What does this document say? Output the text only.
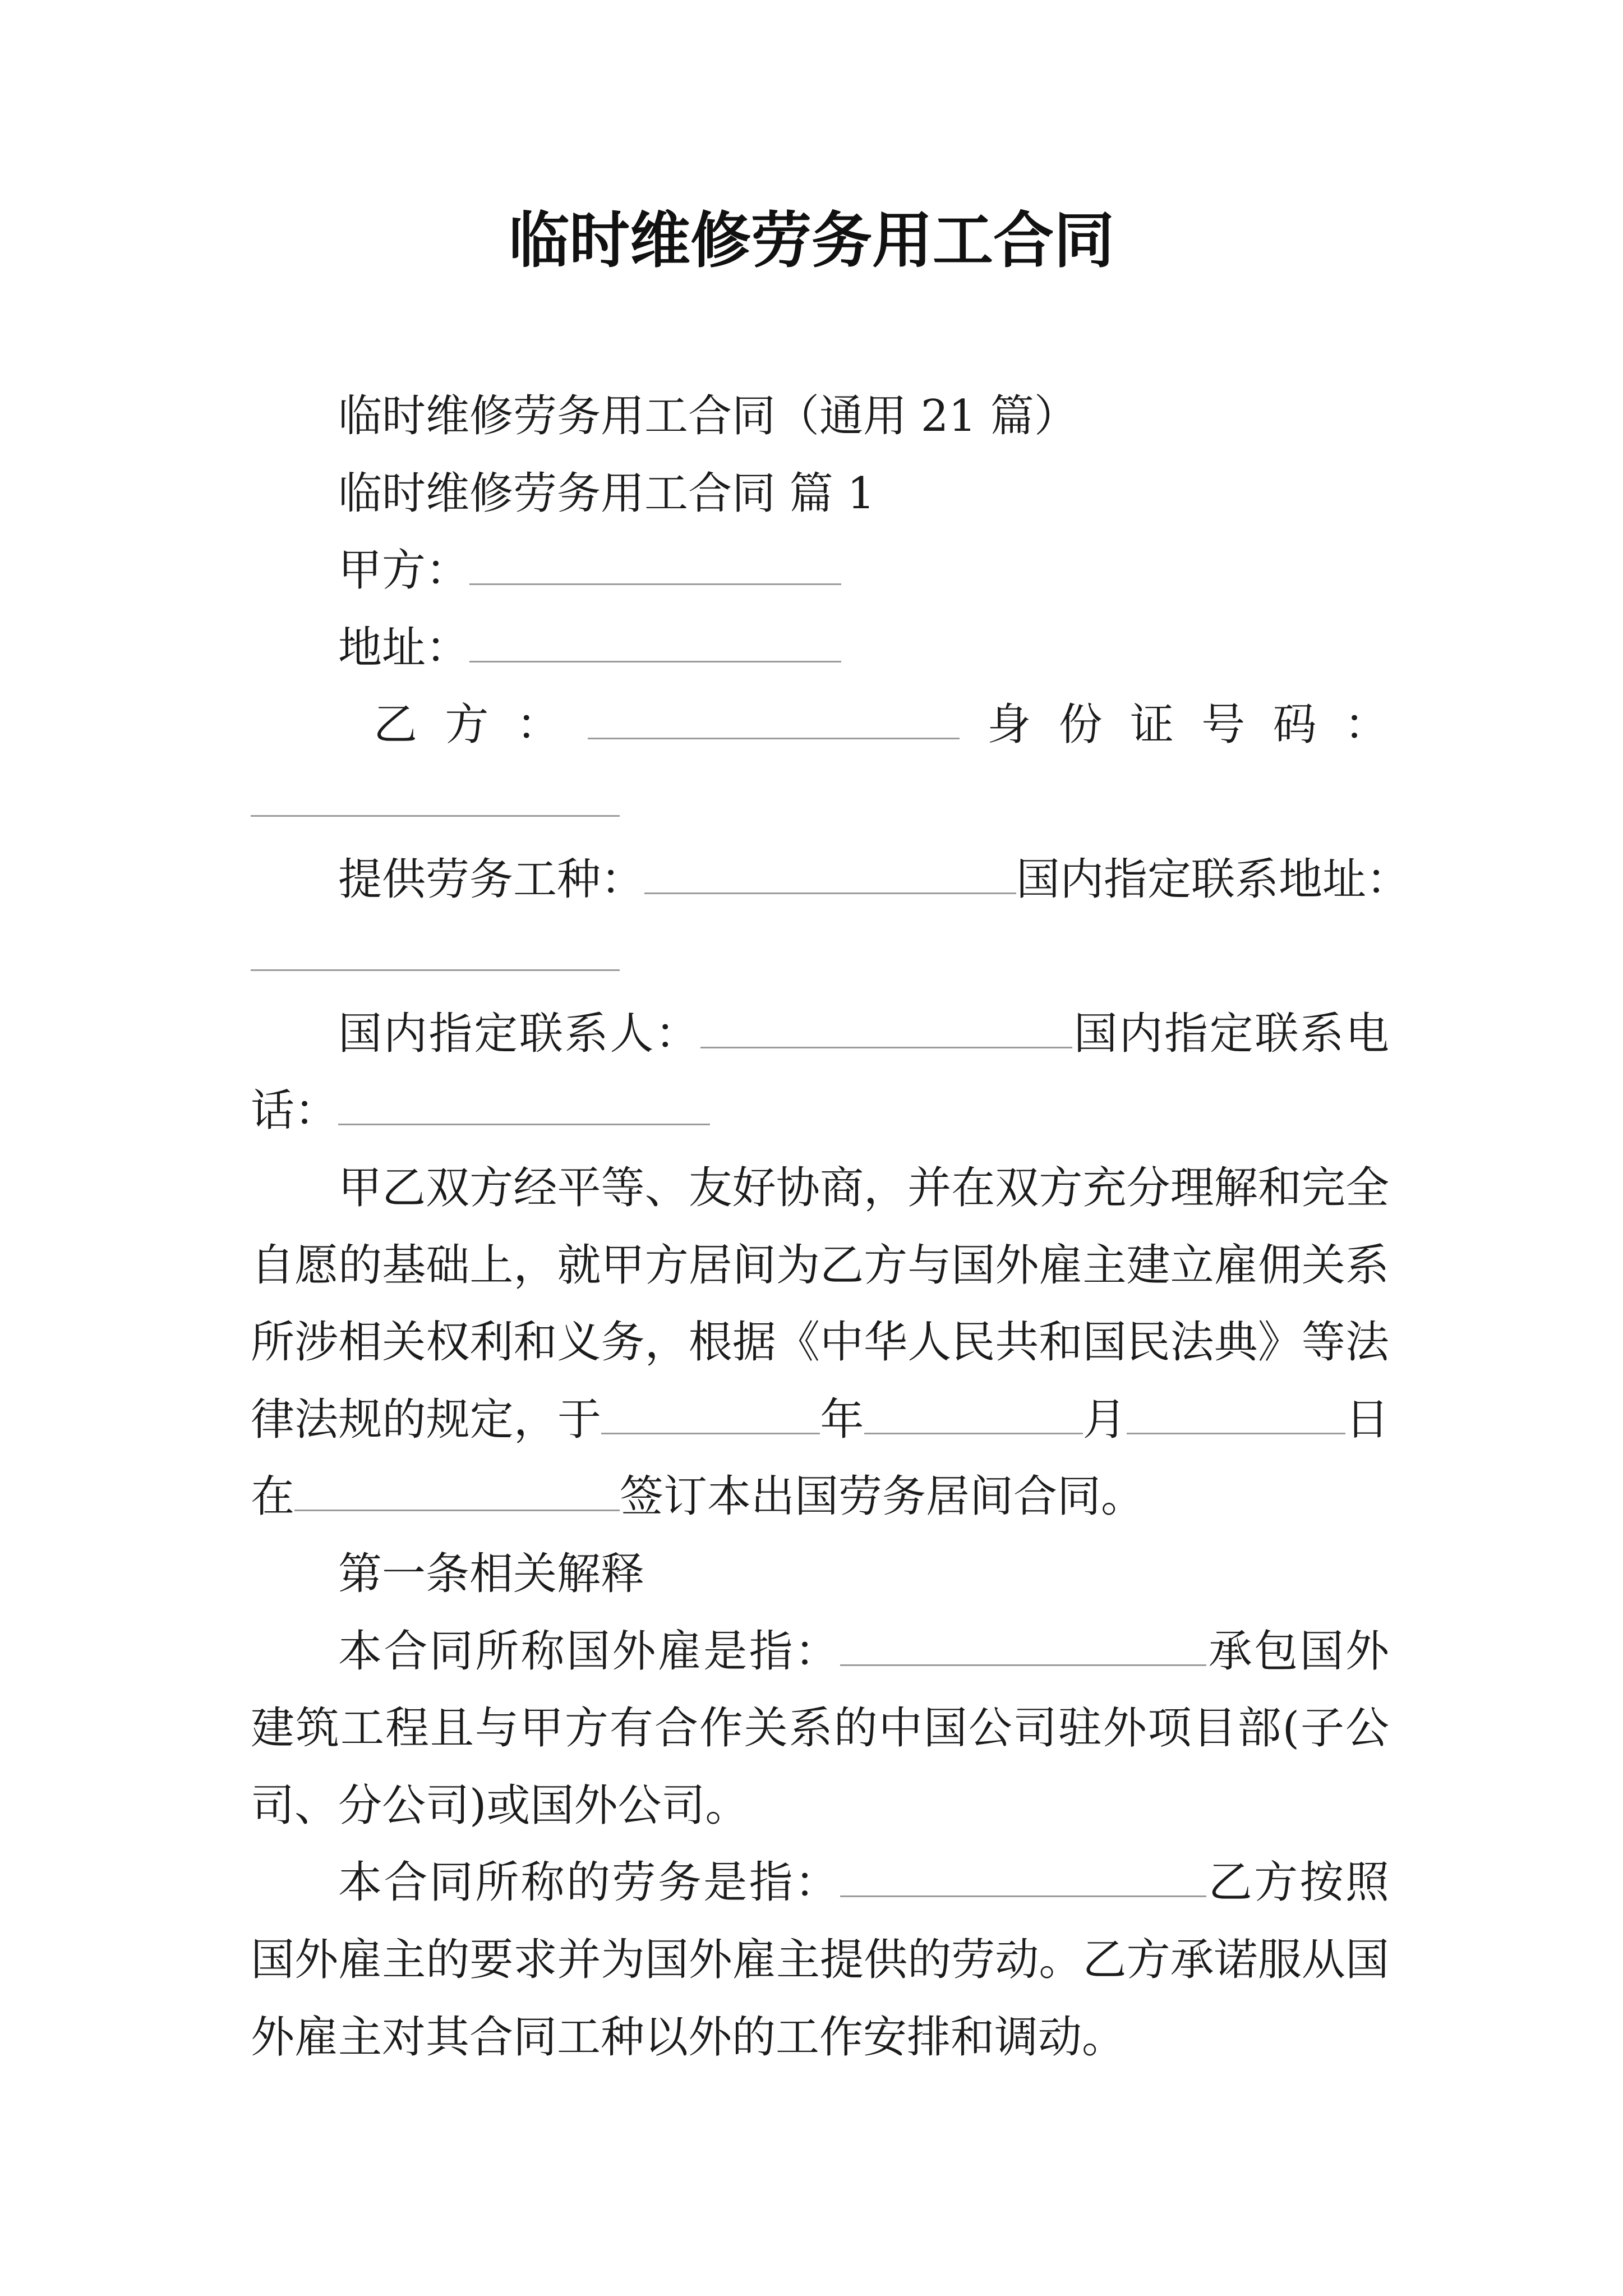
临时维修劳务用工合同
临时维修劳务用工合同（通用 21 篇）
临时维修劳务用工合同 篇 1
甲方：
地址：
乙 方 ：	身 份 证 号 码 ：
提供劳务工种：	国内指定联系地址：
国内指定联系人：	国内指定联系电
话：
甲乙双方经平等、友好协商，并在双方充分理解和完全
自愿的基础上，就甲方居间为乙方与国外雇主建立雇佣关系
所涉相关权利和义务，根据《中华人民共和国民法典》等法
律法规的规定，于	年	月	日
在	签订本出国劳务居间合同。
第一条相关解释
本合同所称国外雇是指：	承包国外
建筑工程且与甲方有合作关系的中国公司驻外项目部(子公
司、分公司)或国外公司。
本合同所称的劳务是指：	乙方按照
国外雇主的要求并为国外雇主提供的劳动。乙方承诺服从国
外雇主对其合同工种以外的工作安排和调动。
